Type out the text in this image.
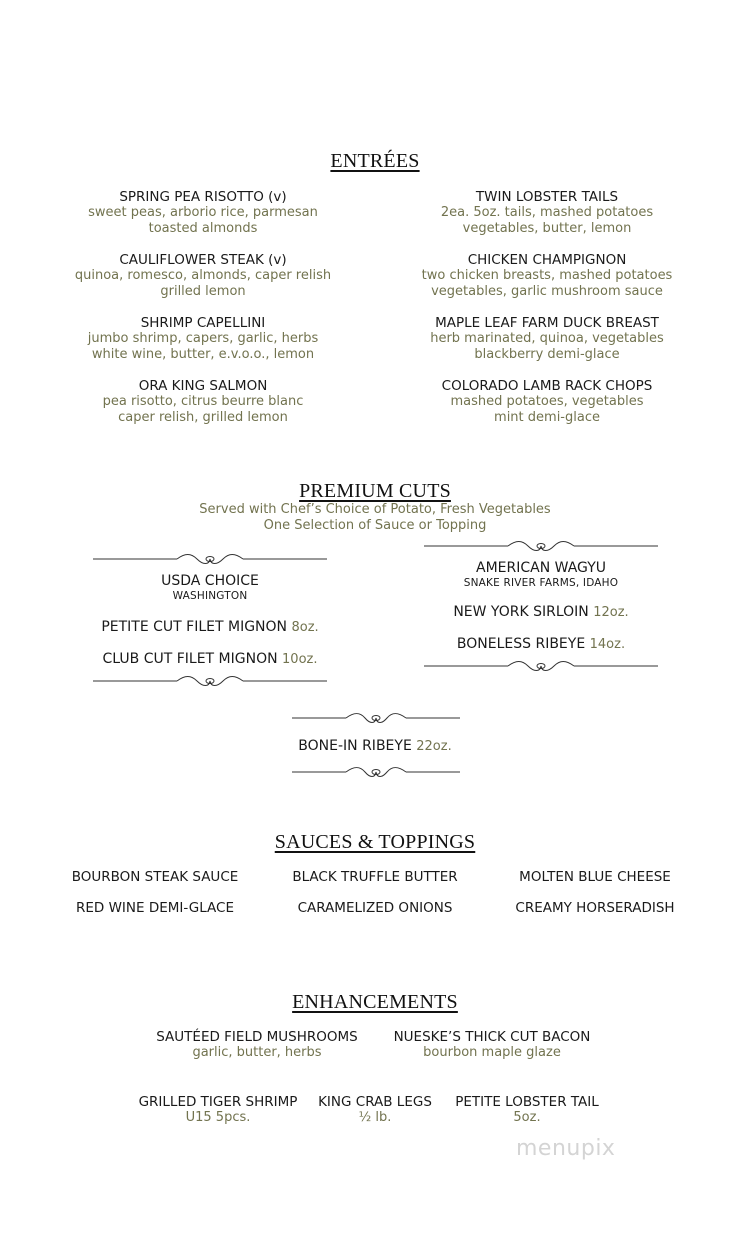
ENTRÉES
SPRING PEA RISOTTO (v)
sweet peas, arborio rice, parmesan
toasted almonds
CAULIFLOWER STEAK (v)
quinoa, romesco, almonds, caper relish
grilled lemon
SHRIMP CAPELLINI
jumbo shrimp, capers, garlic, herbs
white wine, butter, e.v.o.o., lemon
ORA KING SALMON
pea risotto, citrus beurre blanc
caper relish, grilled lemon
TWIN LOBSTER TAILS
2ea. 5oz. tails, mashed potatoes
vegetables, butter, lemon
CHICKEN CHAMPIGNON
two chicken breasts, mashed potatoes
vegetables, garlic mushroom sauce
MAPLE LEAF FARM DUCK BREAST
herb marinated, quinoa, vegetables
blackberry demi-glace
COLORADO LAMB RACK CHOPS
mashed potatoes, vegetables
mint demi-glace
PREMIUM CUTS
Served with Chef’s Choice of Potato, Fresh Vegetables
One Selection of Sauce or Topping
USDA CHOICE
WASHINGTON
PETITE CUT FILET MIGNON 8oz.
CLUB CUT FILET MIGNON 10oz.
AMERICAN WAGYU
SNAKE RIVER FARMS, IDAHO
NEW YORK SIRLOIN 12oz.
BONELESS RIBEYE 14oz.
BONE-IN RIBEYE 22oz.
SAUCES & TOPPINGS
BOURBON STEAK SAUCE	BLACK TRUFFLE BUTTER	MOLTEN BLUE CHEESE
RED WINE DEMI-GLACE	CARAMELIZED ONIONS	CREAMY HORSERADISH
ENHANCEMENTS
SAUTÉED FIELD MUSHROOMS
garlic, butter, herbs
NUESKE’S THICK CUT BACON
bourbon maple glaze
GRILLED TIGER SHRIMP
U15 5pcs.
KING CRAB LEGS
½ lb.
PETITE LOBSTER TAIL
5oz.
menupix
